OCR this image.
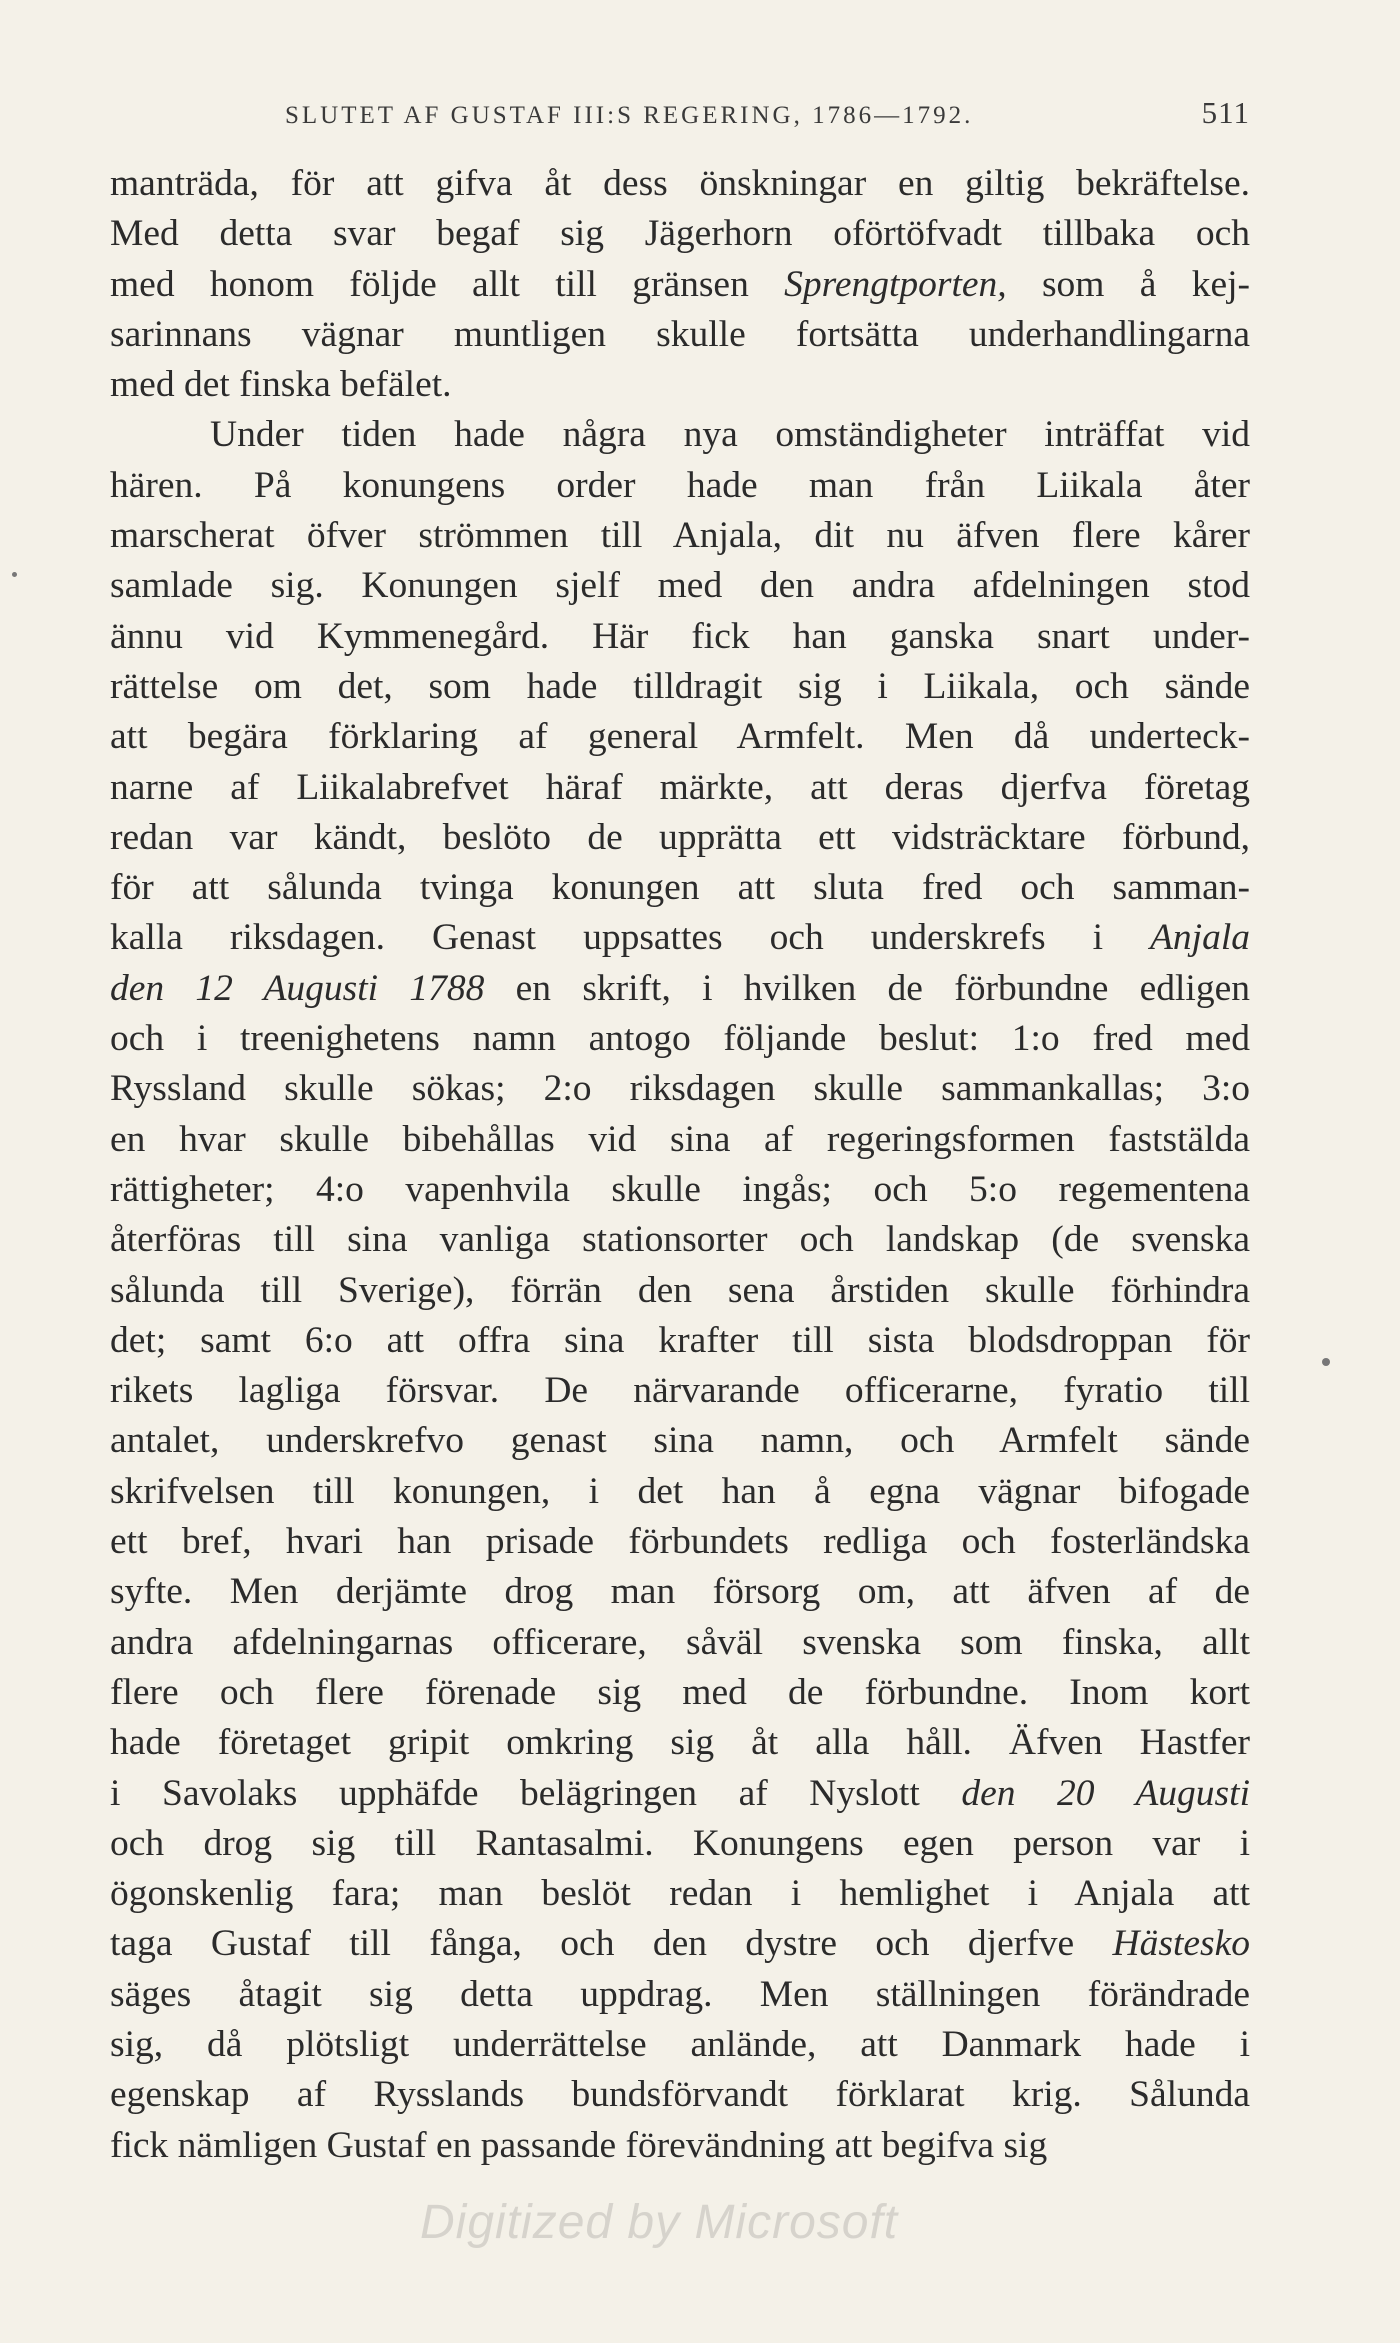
SLUTET AF GUSTAF III:S REGERING, 1786—1792.	511
manträda, för att gifva åt dess önskningar en giltig bekräftelse.
Med detta svar begaf sig Jägerhorn oförtöfvadt tillbaka och
med honom följde allt till gränsen Sprengtporten, som å kej-
sarinnans vägnar muntligen skulle fortsätta underhandlingarna
med det finska befälet.
Under tiden hade några nya omständigheter inträffat vid
hären. På konungens order hade man från Liikala åter
marscherat öfver strömmen till Anjala, dit nu äfven flere kårer
samlade sig. Konungen sjelf med den andra afdelningen stod
ännu vid Kymmenegård. Här fick han ganska snart under-
rättelse om det, som hade tilldragit sig i Liikala, och sände
att begära förklaring af general Armfelt. Men då underteck-
narne af Liikalabrefvet häraf märkte, att deras djerfva företag
redan var kändt, beslöto de upprätta ett vidsträcktare förbund,
för att sålunda tvinga konungen att sluta fred och samman-
kalla riksdagen. Genast uppsattes och underskrefs i Anjala
den 12 Augusti 1788 en skrift, i hvilken de förbundne edligen
och i treenighetens namn antogo följande beslut: 1:o fred med
Ryssland skulle sökas; 2:o riksdagen skulle sammankallas; 3:o
en hvar skulle bibehållas vid sina af regeringsformen faststälda
rättigheter; 4:o vapenhvila skulle ingås; och 5:o regementena
återföras till sina vanliga stationsorter och landskap (de svenska
sålunda till Sverige), förrän den sena årstiden skulle förhindra
det; samt 6:o att offra sina krafter till sista blodsdroppan för
rikets lagliga försvar. De närvarande officerarne, fyratio till
antalet, underskrefvo genast sina namn, och Armfelt sände
skrifvelsen till konungen, i det han å egna vägnar bifogade
ett bref, hvari han prisade förbundets redliga och fosterländska
syfte. Men derjämte drog man försorg om, att äfven af de
andra afdelningarnas officerare, såväl svenska som finska, allt
flere och flere förenade sig med de förbundne. Inom kort
hade företaget gripit omkring sig åt alla håll. Äfven Hastfer
i Savolaks upphäfde belägringen af Nyslott den 20 Augusti
och drog sig till Rantasalmi. Konungens egen person var i
ögonskenlig fara; man beslöt redan i hemlighet i Anjala att
taga Gustaf till fånga, och den dystre och djerfve Hästesko
säges åtagit sig detta uppdrag. Men ställningen förändrade
sig, då plötsligt underrättelse anlände, att Danmark hade i
egenskap af Rysslands bundsförvandt förklarat krig. Sålunda
fick nämligen Gustaf en passande förevändning att begifva sig
Digitized by Microsoft
